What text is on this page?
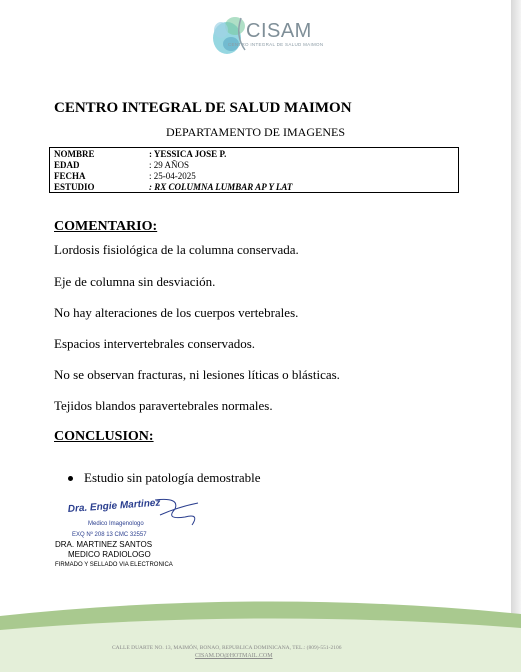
CISAM
CENTRO INTEGRAL DE SALUD MAIMON
CENTRO INTEGRAL DE SALUD MAIMON
DEPARTAMENTO DE IMAGENES
NOMBRE	: YESSICA JOSE P.
EDAD	: 29 AÑOS
FECHA	: 25-04-2025
ESTUDIO	: RX COLUMNA LUMBAR AP Y LAT
COMENTARIO:
Lordosis fisiológica de la columna conservada.
Eje de columna sin desviación.
No hay alteraciones de los cuerpos vertebrales.
Espacios intervertebrales conservados.
No se observan fracturas, ni lesiones líticas o blásticas.
Tejidos blandos paravertebrales normales.
CONCLUSION:
Estudio sin patología demostrable
Dra. Engie Martinez
Medico Imagenologo
EXQ Nº 208 13 CMC 32557
DRA. MARTINEZ SANTOS
MEDICO RADIOLOGO
FIRMADO Y SELLADO VIA ELECTRONICA
CALLE DUARTE NO. 13, MAIMÓN, BONAO, REPUBLICA DOMINICANA, TEL.: (809)-551-2106
CISAM.DO@HOTMAIL.COM
